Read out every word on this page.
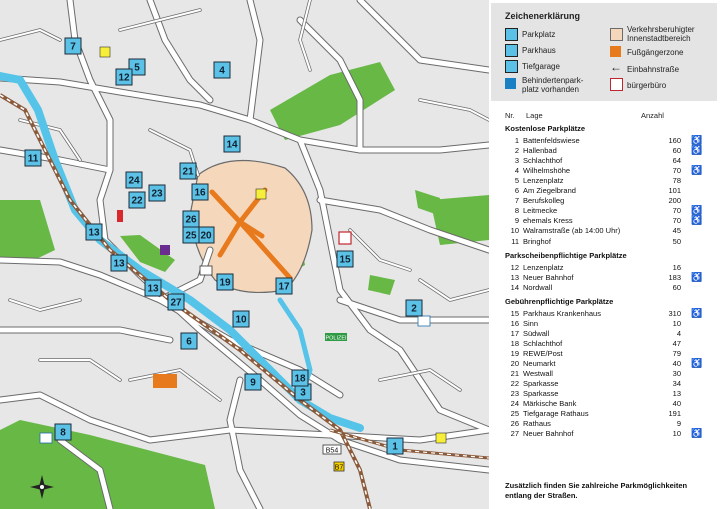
B54
B7
POLIZEI
1
2
3
4
5
6
7
8
9
10
11
12
13
13
13
14
15
16
17
18
19
20
21
22
23
24
25
26
27
Zeichenerklärung
Parkplatz
Parkhaus
Tiefgarage
Behindertenpark-
platz vorhanden
Verkehrsberuhigter
Innenstadtbereich
Fußgängerzone
← Einbahnstraße
bürgerbüro
Nr. Lage	Anzahl
Kostenlose Parkplätze
1 Battenfeldswiese	160 ♿
2 Hallenbad	60 ♿
3 Schlachthof	64
4 Wilhelmshöhe	70 ♿
5 Lenzenplatz	78
6 Am Ziegelbrand	101
7 Berufskolleg	200
8 Leitmecke	70 ♿
9 ehemals Kress	70 ♿
10 Walramstraße (ab 14:00 Uhr)	45
11 Bringhof	50
Parkscheibenpflichtige Parkplätze
12 Lenzenplatz	16
13 Neuer Bahnhof	183 ♿
14 Nordwall	60
Gebührenpflichtige Parkplätze
15 Parkhaus Krankenhaus	310 ♿
16 Sinn	10
17 Südwall	4
18 Schlachthof	47
19 REWE/Post	79
20 Neumarkt	40 ♿
21 Westwall	30
22 Sparkasse	34
23 Sparkasse	13
24 Märkische Bank	40
25 Tiefgarage Rathaus	191
26 Rathaus	9
27 Neuer Bahnhof	10 ♿
Zusätzlich finden Sie zahlreiche Parkmöglichkeiten entlang der Straßen.
